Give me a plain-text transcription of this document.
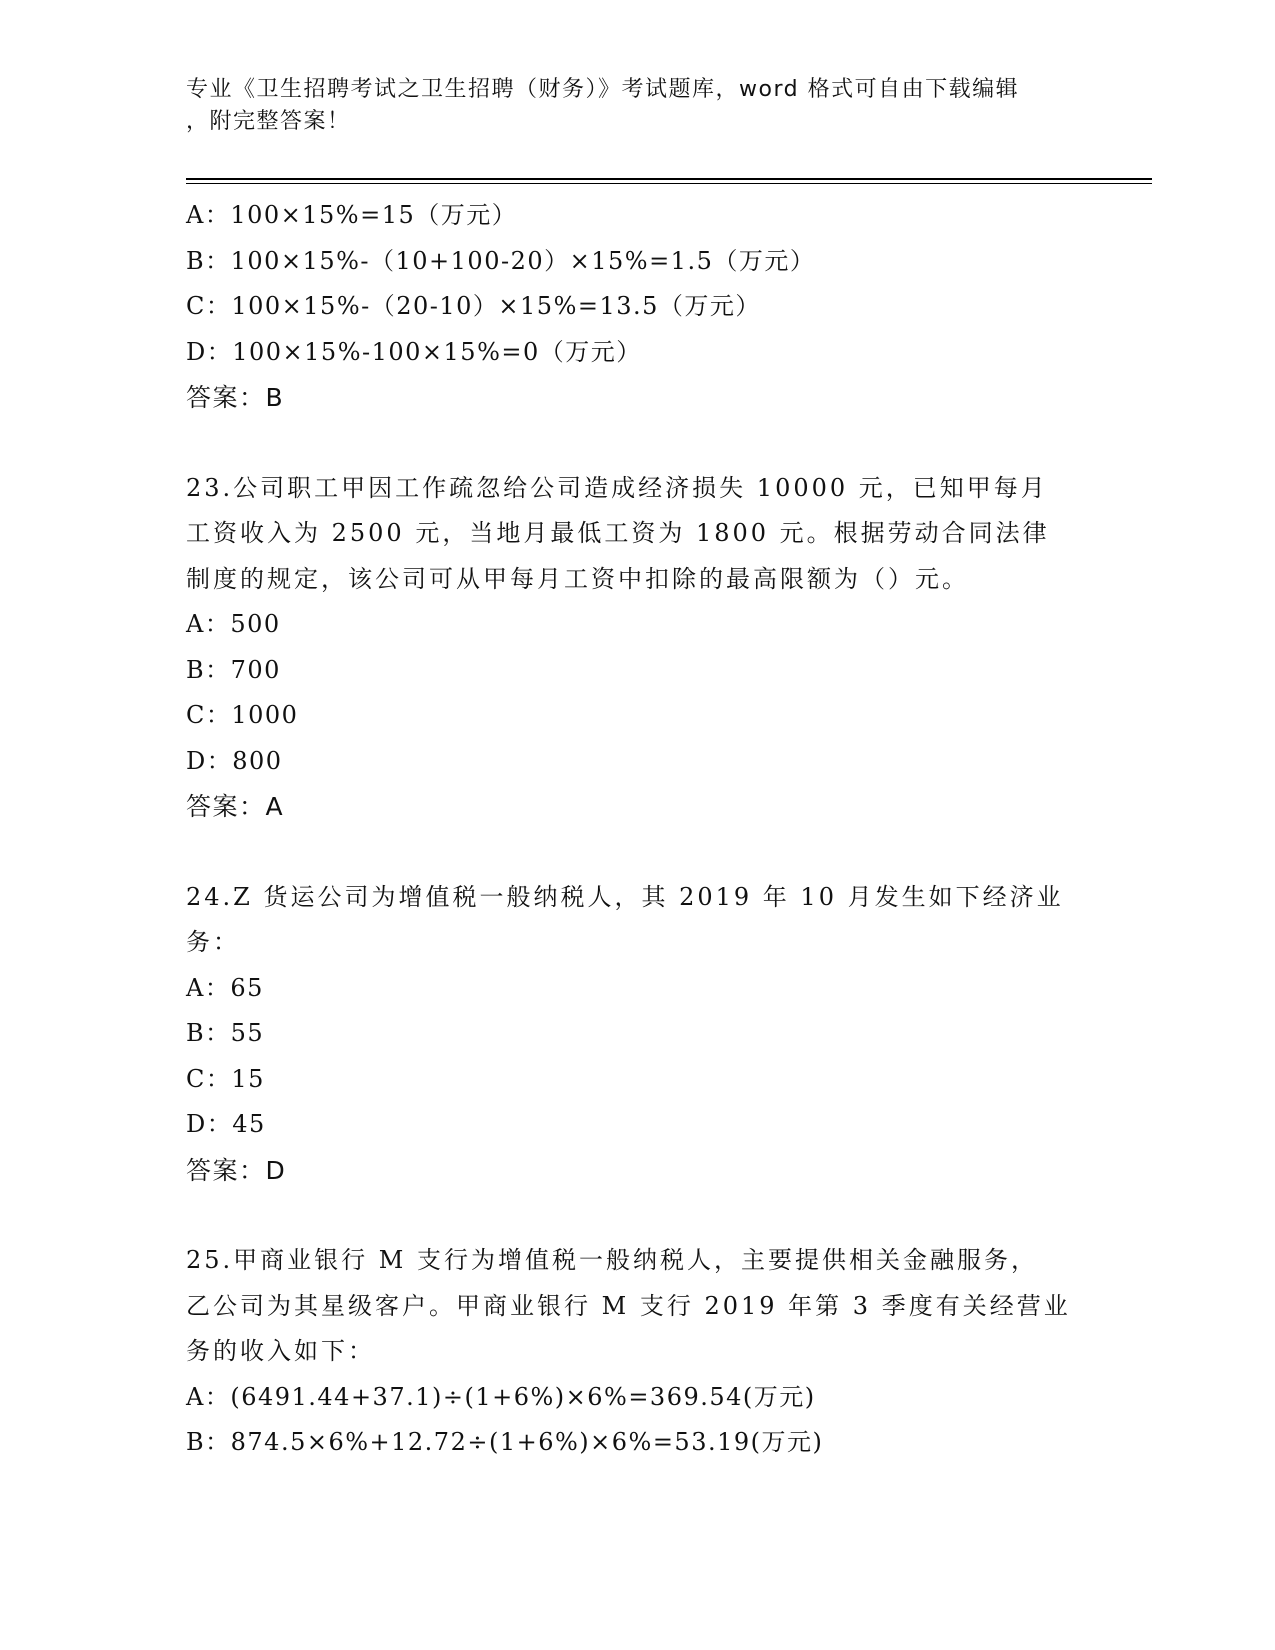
专业《卫生招聘考试之卫生招聘（财务）》考试题库，word 格式可自由下载编辑
，附完整答案！
A：100×15%=15（万元）
B：100×15%-（10+100-20）×15%=1.5（万元）
C：100×15%-（20-10）×15%=13.5（万元）
D：100×15%-100×15%=0（万元）
答案：B
23.公司职工甲因工作疏忽给公司造成经济损失 10000 元，已知甲每月
工资收入为 2500 元，当地月最低工资为 1800 元。根据劳动合同法律
制度的规定，该公司可从甲每月工资中扣除的最高限额为（）元。
A：500
B：700
C：1000
D：800
答案：A
24.Z 货运公司为增值税一般纳税人，其 2019 年 10 月发生如下经济业
务：
A：65
B：55
C：15
D：45
答案：D
25.甲商业银行 M 支行为增值税一般纳税人，主要提供相关金融服务，
乙公司为其星级客户。甲商业银行 M 支行 2019 年第 3 季度有关经营业
务的收入如下：
A：(6491.44+37.1)÷(1+6%)×6%=369.54(万元)
B：874.5×6%+12.72÷(1+6%)×6%=53.19(万元)
